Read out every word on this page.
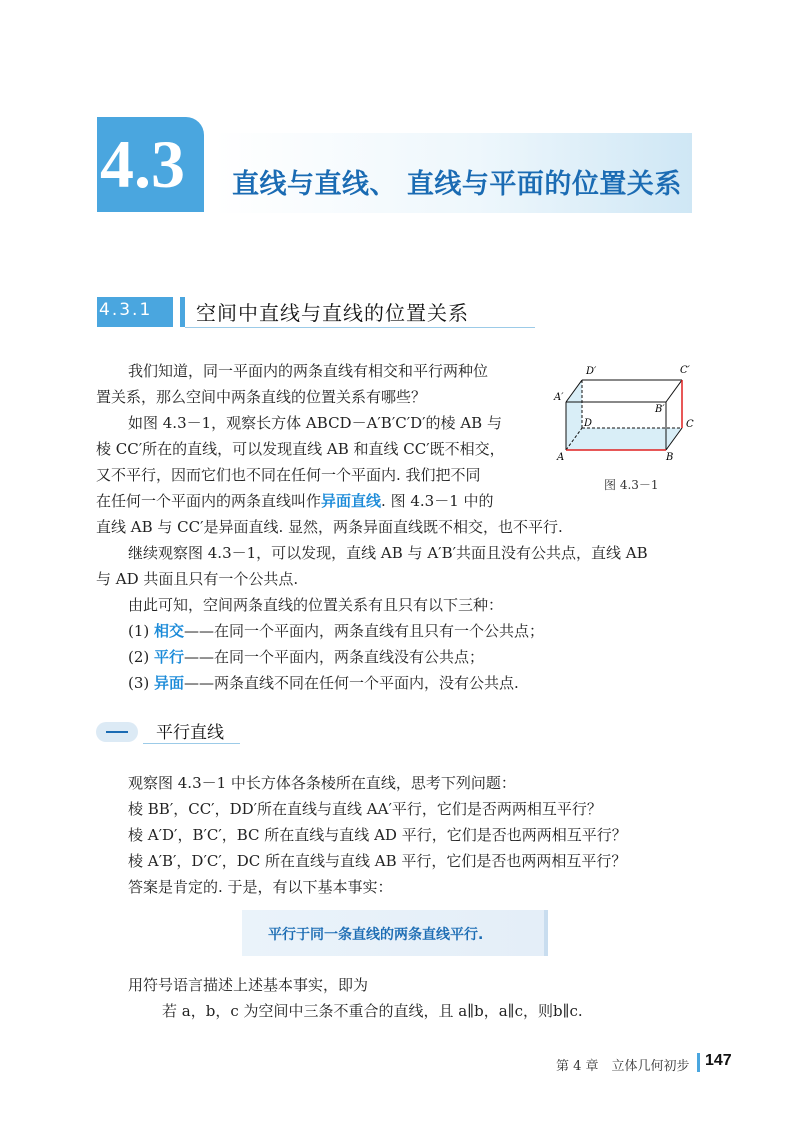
4.3 直线与直线、 直线与平面的位置关系
4.3.1 空间中直线与直线的位置关系
我们知道，同一平面内的两条直线有相交和平行两种位
置关系，那么空间中两条直线的位置关系有哪些？
如图 4.3－1，观察长方体 ABCD－A′B′C′D′的棱 AB 与
棱 CC′所在的直线，可以发现直线 AB 和直线 CC′既不相交，
又不平行，因而它们也不同在任何一个平面内. 我们把不同
在任何一个平面内的两条直线叫作异面直线. 图 4.3－1 中的
直线 AB 与 CC′是异面直线. 显然，两条异面直线既不相交，也不平行.
继续观察图 4.3－1，可以发现，直线 AB 与 A′B′共面且没有公共点，直线 AB
与 AD 共面且只有一个公共点.
由此可知，空间两条直线的位置关系有且只有以下三种：
(1) 相交——在同一个平面内，两条直线有且只有一个公共点；
(2) 平行——在同一个平面内，两条直线没有公共点；
(3) 异面——两条直线不同在任何一个平面内，没有公共点.
D′	C′
A′
B′
D	C
A	B
图 4.3－1
平行直线
观察图 4.3－1 中长方体各条棱所在直线，思考下列问题：
棱 BB′，CC′，DD′所在直线与直线 AA′平行，它们是否两两相互平行？
棱 A′D′，B′C′，BC 所在直线与直线 AD 平行，它们是否也两两相互平行？
棱 A′B′，D′C′，DC 所在直线与直线 AB 平行，它们是否也两两相互平行？
答案是肯定的. 于是，有以下基本事实：
平行于同一条直线的两条直线平行.
用符号语言描述上述基本事实，即为
若 a，b，c 为空间中三条不重合的直线，且 a∥b，a∥c，则b∥c.
第 4 章　立体几何初步 147
